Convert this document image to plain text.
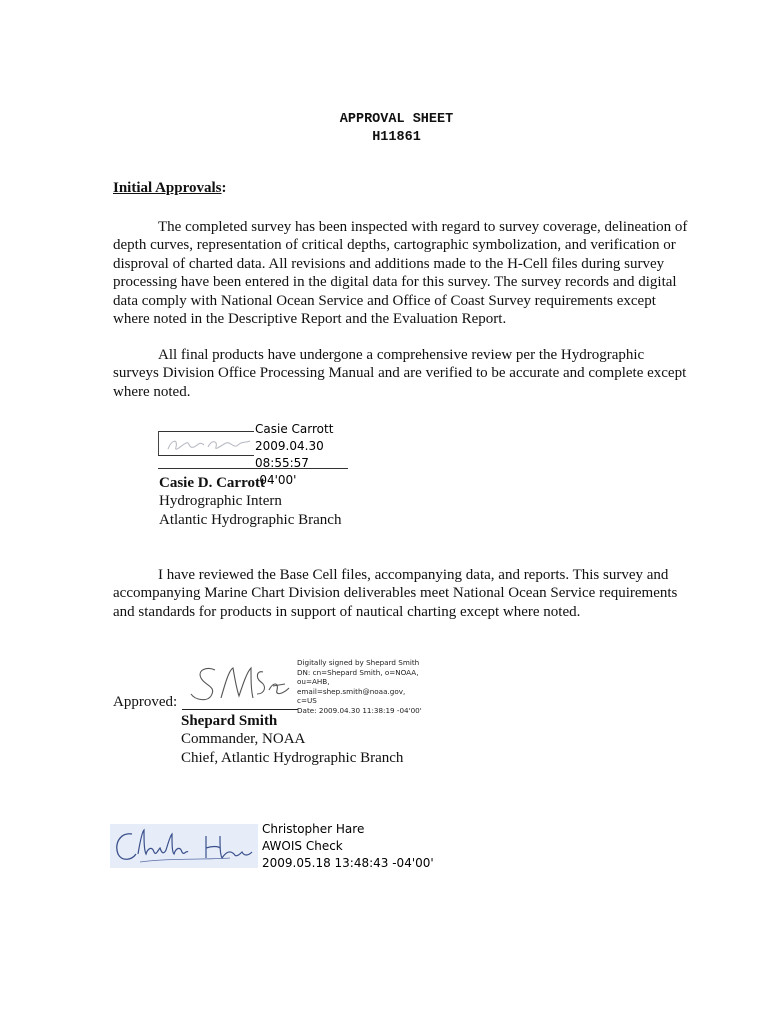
APPROVAL SHEET
H11861
Initial Approvals:

The completed survey has been inspected with regard to survey coverage, delineation of depth curves, representation of critical depths, cartographic symbolization, and verification or disproval of charted data. All revisions and additions made to the H-Cell files during survey processing have been entered in the digital data for this survey. The survey records and digital data comply with National Ocean Service and Office of Coast Survey requirements except where noted in the Descriptive Report and the Evaluation Report.

All final products have undergone a comprehensive review per the Hydrographic surveys Division Office Processing Manual and are verified to be accurate and complete except where noted.

Casie Carrott
2009.04.30
08:55:57 -04'00'
Casie D. Carrott
Hydrographic Intern
Atlantic Hydrographic Branch

I have reviewed the Base Cell files, accompanying data, and reports. This survey and accompanying Marine Chart Division deliverables meet National Ocean Service requirements and standards for products in support of nautical charting except where noted.

Approved:
Digitally signed by Shepard Smith
DN: cn=Shepard Smith, o=NOAA,
ou=AHB,
email=shep.smith@noaa.gov, c=US
Date: 2009.04.30 11:38:19 -04'00'
Shepard Smith
Commander, NOAA
Chief, Atlantic Hydrographic Branch
Christopher Hare
AWOIS Check
2009.05.18 13:48:43 -04'00'
